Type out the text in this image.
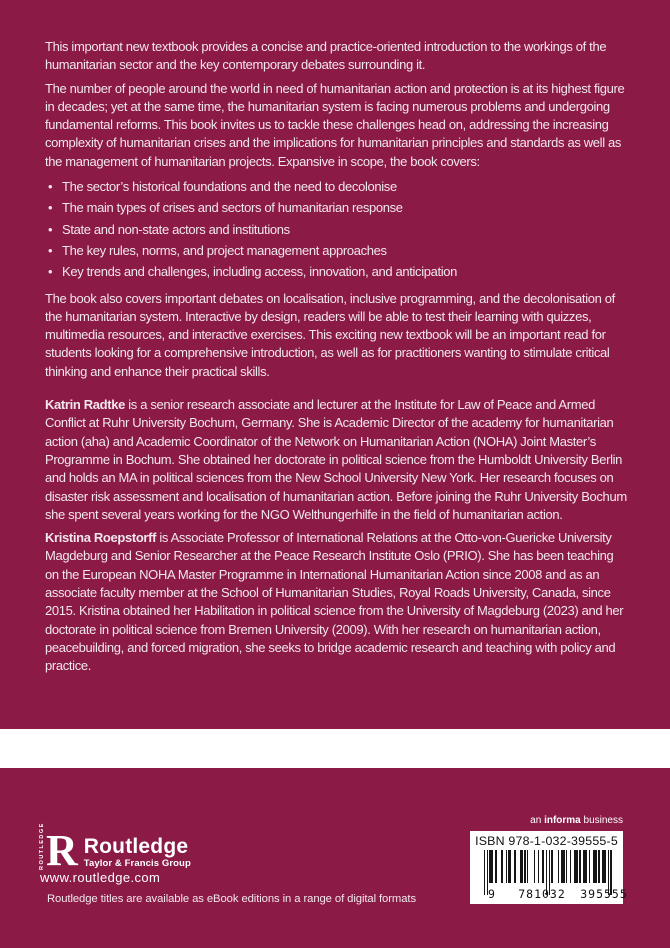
This important new textbook provides a concise and practice-oriented introduction to the workings of the humanitarian sector and the key contemporary debates surrounding it.

The number of people around the world in need of humanitarian action and protection is at its highest figure in decades; yet at the same time, the humanitarian system is facing numerous problems and undergoing fundamental reforms. This book invites us to tackle these challenges head on, addressing the increasing complexity of humanitarian crises and the implications for humanitarian principles and standards as well as the management of humanitarian projects. Expansive in scope, the book covers:

• The sector’s historical foundations and the need to decolonise
• The main types of crises and sectors of humanitarian response
• State and non-state actors and institutions
• The key rules, norms, and project management approaches
• Key trends and challenges, including access, innovation, and anticipation

The book also covers important debates on localisation, inclusive programming, and the decolonisation of the humanitarian system. Interactive by design, readers will be able to test their learning with quizzes, multimedia resources, and interactive exercises. This exciting new textbook will be an important read for students looking for a comprehensive introduction, as well as for practitioners wanting to stimulate critical thinking and enhance their practical skills.

Katrin Radtke is a senior research associate and lecturer at the Institute for Law of Peace and Armed Conflict at Ruhr University Bochum, Germany. She is Academic Director of the academy for humanitarian action (aha) and Academic Coordinator of the Network on Humanitarian Action (NOHA) Joint Master’s Programme in Bochum. She obtained her doctorate in political science from the Humboldt University Berlin and holds an MA in political sciences from the New School University New York. Her research focuses on disaster risk assessment and localisation of humanitarian action. Before joining the Ruhr University Bochum she spent several years working for the NGO Welthungerhilfe in the field of humanitarian action.

Kristina Roepstorff is Associate Professor of International Relations at the Otto-von-Guericke University Magdeburg and Senior Researcher at the Peace Research Institute Oslo (PRIO). She has been teaching on the European NOHA Master Programme in International Humanitarian Action since 2008 and as an associate faculty member at the School of Humanitarian Studies, Royal Roads University, Canada, since 2015. Kristina obtained her Habilitation in political science from the University of Magdeburg (2023) and her doctorate in political science from Bremen University (2009). With her research on humanitarian action, peacebuilding, and forced migration, she seeks to bridge academic research and teaching with policy and practice.

ROUTLEDGE R Routledge
Taylor & Francis Group
www.routledge.com
Routledge titles are available as eBook editions in a range of digital formats
an informa business
ISBN 978-1-032-39555-5
9	781032	395555
